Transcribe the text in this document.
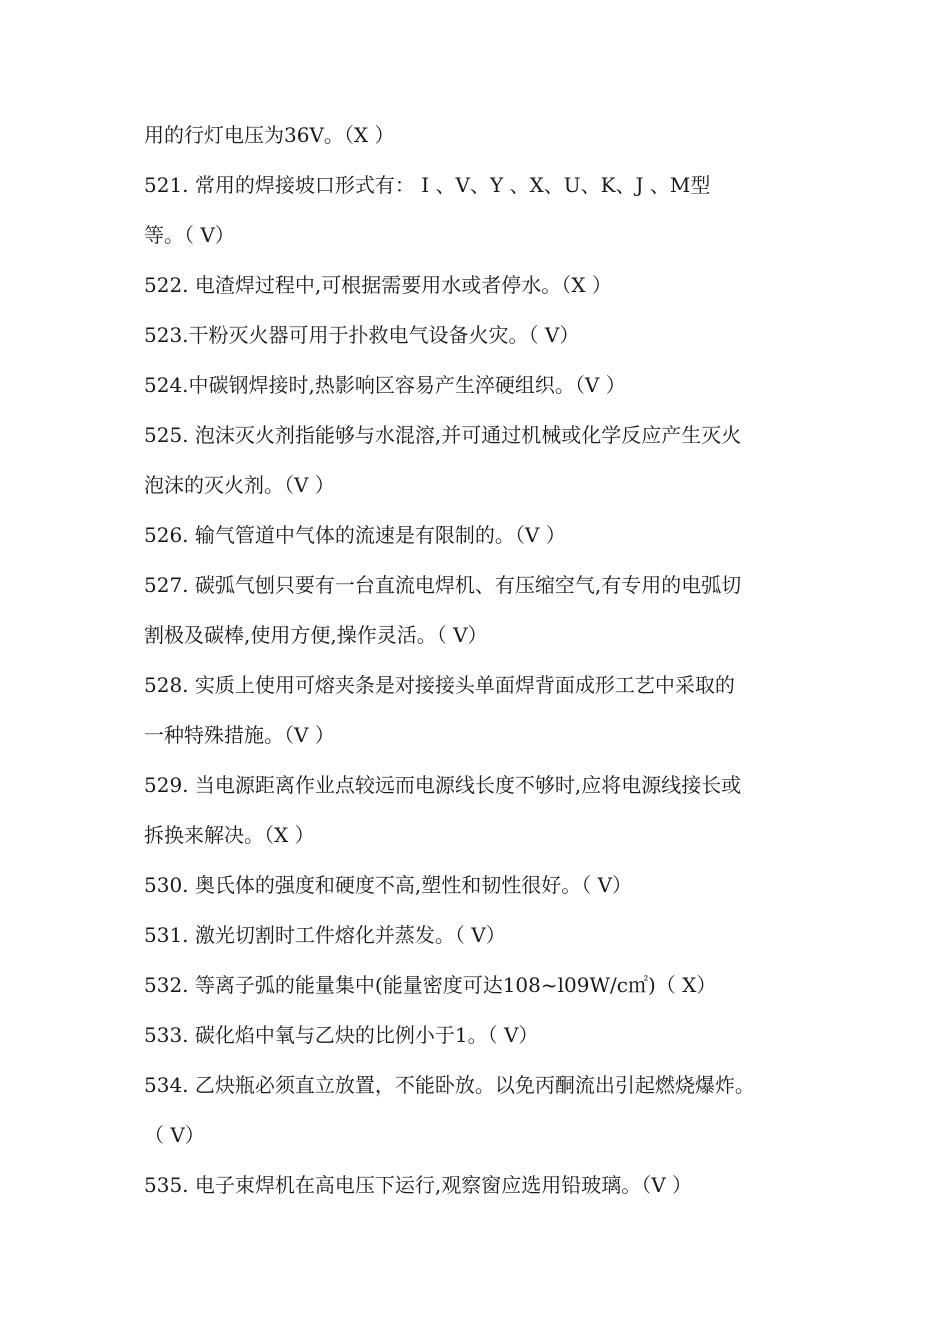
用的行灯电压为36V。（X ）
521. 常用的焊接坡口形式有： I 、V、Y 、X、U、K、J 、M型
等。（ V）
522. 电渣焊过程中,可根据需要用水或者停水。（X ）
523.干粉灭火器可用于扑救电气设备火灾。（ V）
524.中碳钢焊接时,热影响区容易产生淬硬组织。（V ）
525. 泡沫灭火剂指能够与水混溶,并可通过机械或化学反应产生灭火
泡沫的灭火剂。（V ）
526. 输气管道中气体的流速是有限制的。（V ）
527. 碳弧气刨只要有一台直流电焊机、有压缩空气,有专用的电弧切
割极及碳棒,使用方便,操作灵活。（ V）
528. 实质上使用可熔夹条是对接接头单面焊背面成形工艺中采取的
一种特殊措施。（V ）
529. 当电源距离作业点较远而电源线长度不够时,应将电源线接长或
拆换来解决。（X ）
530. 奥氏体的强度和硬度不高,塑性和韧性很好。（ V）
531. 激光切割时工件熔化并蒸发。（ V）
532. 等离子弧的能量集中(能量密度可达108~l09W/c㎡)（ X）
533. 碳化焰中氧与乙炔的比例小于1。（ V）
534. 乙炔瓶必须直立放置，不能卧放。以免丙酮流出引起燃烧爆炸。
（ V）
535. 电子束焊机在高电压下运行,观察窗应选用铅玻璃。（V ）
